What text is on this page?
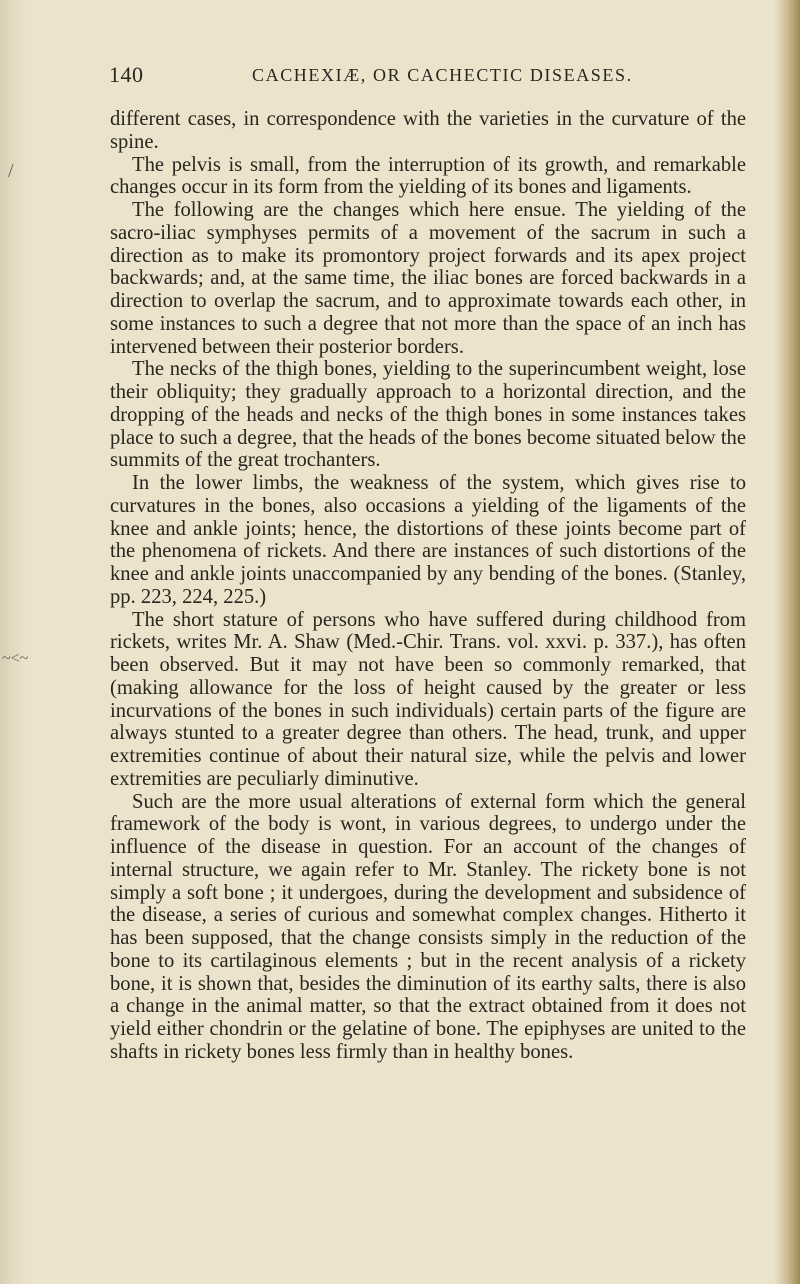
140	CACHEXIÆ, OR CACHECTIC DISEASES.
/
~<~

different cases, in correspondence with the varieties in the curvature of the spine.

The pelvis is small, from the interruption of its growth, and remarkable changes occur in its form from the yielding of its bones and ligaments.

The following are the changes which here ensue. The yielding of the sacro-iliac symphyses permits of a movement of the sacrum in such a direction as to make its promontory project forwards and its apex project backwards; and, at the same time, the iliac bones are forced backwards in a direction to overlap the sacrum, and to approximate towards each other, in some instances to such a degree that not more than the space of an inch has intervened between their posterior borders.

The necks of the thigh bones, yielding to the superincumbent weight, lose their obliquity; they gradually approach to a horizontal direction, and the dropping of the heads and necks of the thigh bones in some instances takes place to such a degree, that the heads of the bones become situated below the summits of the great trochanters.

In the lower limbs, the weakness of the system, which gives rise to curvatures in the bones, also occasions a yielding of the ligaments of the knee and ankle joints; hence, the distortions of these joints become part of the phenomena of rickets. And there are instances of such distortions of the knee and ankle joints unaccompanied by any bending of the bones. (Stanley, pp. 223, 224, 225.)

The short stature of persons who have suffered during childhood from rickets, writes Mr. A. Shaw (Med.-Chir. Trans. vol. xxvi. p. 337.), has often been observed. But it may not have been so commonly remarked, that (making allowance for the loss of height caused by the greater or less incurvations of the bones in such individuals) certain parts of the figure are always stunted to a greater degree than others. The head, trunk, and upper extremities continue of about their natural size, while the pelvis and lower extremities are peculiarly diminutive.

Such are the more usual alterations of external form which the general framework of the body is wont, in various degrees, to undergo under the influence of the disease in question. For an account of the changes of internal structure, we again refer to Mr. Stanley. The rickety bone is not simply a soft bone ; it undergoes, during the development and subsidence of the disease, a series of curious and somewhat complex changes. Hitherto it has been supposed, that the change consists simply in the reduction of the bone to its cartilaginous elements ; but in the recent analysis of a rickety bone, it is shown that, besides the diminution of its earthy salts, there is also a change in the animal matter, so that the extract obtained from it does not yield either chondrin or the gelatine of bone. The epiphyses are united to the shafts in rickety bones less firmly than in healthy bones.
